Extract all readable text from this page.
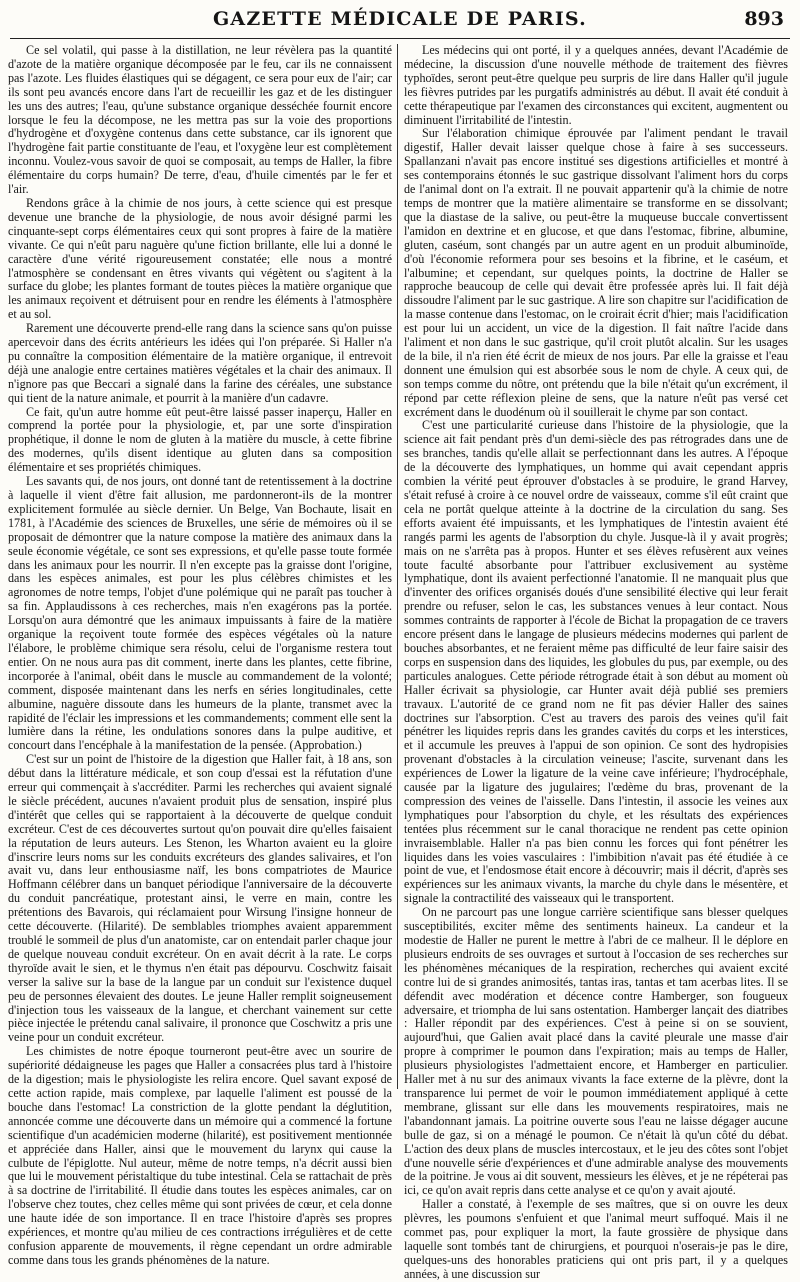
GAZETTE MÉDICALE DE PARIS.	893

Ce sel volatil, qui passe à la distillation, ne leur révèlera pas la quantité d'azote de la matière organique décomposée par le feu, car ils ne connaissent pas l'azote. Les fluides élastiques qui se dégagent, ce sera pour eux de l'air; car ils sont peu avancés encore dans l'art de recueillir les gaz et de les distinguer les uns des autres; l'eau, qu'une substance organique desséchée fournit encore lorsque le feu la décompose, ne les mettra pas sur la voie des proportions d'hydrogène et d'oxygène contenus dans cette substance, car ils ignorent que l'hydrogène fait partie constituante de l'eau, et l'oxygène leur est complètement inconnu. Voulez-vous savoir de quoi se composait, au temps de Haller, la fibre élémentaire du corps humain? De terre, d'eau, d'huile cimentés par le fer et l'air.

Rendons grâce à la chimie de nos jours, à cette science qui est presque devenue une branche de la physiologie, de nous avoir désigné parmi les cinquante-sept corps élémentaires ceux qui sont propres à faire de la matière vivante. Ce qui n'eût paru naguère qu'une fiction brillante, elle lui a donné le caractère d'une vérité rigoureusement constatée; elle nous a montré l'atmosphère se condensant en êtres vivants qui végètent ou s'agitent à la surface du globe; les plantes formant de toutes pièces la matière organique que les animaux reçoivent et détruisent pour en rendre les éléments à l'atmosphère et au sol.

Rarement une découverte prend-elle rang dans la science sans qu'on puisse apercevoir dans des écrits antérieurs les idées qui l'on préparée. Si Haller n'a pu connaître la composition élémentaire de la matière organique, il entrevoit déjà une analogie entre certaines matières végétales et la chair des animaux. Il n'ignore pas que Beccari a signalé dans la farine des céréales, une substance qui tient de la nature animale, et pourrit à la manière d'un cadavre.

Ce fait, qu'un autre homme eût peut-être laissé passer inaperçu, Haller en comprend la portée pour la physiologie, et, par une sorte d'inspiration prophétique, il donne le nom de gluten à la matière du muscle, à cette fibrine des modernes, qu'ils disent identique au gluten dans sa composition élémentaire et ses propriétés chimiques.

Les savants qui, de nos jours, ont donné tant de retentissement à la doctrine à laquelle il vient d'être fait allusion, me pardonneront-ils de la montrer explicitement formulée au siècle dernier. Un Belge, Van Bochaute, lisait en 1781, à l'Académie des sciences de Bruxelles, une série de mémoires où il se proposait de démontrer que la nature compose la matière des animaux dans la seule économie végétale, ce sont ses expressions, et qu'elle passe toute formée dans les animaux pour les nourrir. Il n'en excepte pas la graisse dont l'origine, dans les espèces animales, est pour les plus célèbres chimistes et les agronomes de notre temps, l'objet d'une polémique qui ne paraît pas toucher à sa fin. Applaudissons à ces recherches, mais n'en exagérons pas la portée. Lorsqu'on aura démontré que les animaux impuissants à faire de la matière organique la reçoivent toute formée des espèces végétales où la nature l'élabore, le problème chimique sera résolu, celui de l'organisme restera tout entier. On ne nous aura pas dit comment, inerte dans les plantes, cette fibrine, incorporée à l'animal, obéit dans le muscle au commandement de la volonté; comment, disposée maintenant dans les nerfs en séries longitudinales, cette albumine, naguère dissoute dans les humeurs de la plante, transmet avec la rapidité de l'éclair les impressions et les commandements; comment elle sent la lumière dans la rétine, les ondulations sonores dans la pulpe auditive, et concourt dans l'encéphale à la manifestation de la pensée. (Approbation.)

C'est sur un point de l'histoire de la digestion que Haller fait, à 18 ans, son début dans la littérature médicale, et son coup d'essai est la réfutation d'une erreur qui commençait à s'accréditer. Parmi les recherches qui avaient signalé le siècle précédent, aucunes n'avaient produit plus de sensation, inspiré plus d'intérêt que celles qui se rapportaient à la découverte de quelque conduit excréteur. C'est de ces découvertes surtout qu'on pouvait dire qu'elles faisaient la réputation de leurs auteurs. Les Stenon, les Wharton avaient eu la gloire d'inscrire leurs noms sur les conduits excréteurs des glandes salivaires, et l'on avait vu, dans leur enthousiasme naïf, les bons compatriotes de Maurice Hoffmann célébrer dans un banquet périodique l'anniversaire de la découverte du conduit pancréatique, protestant ainsi, le verre en main, contre les prétentions des Bavarois, qui réclamaient pour Wirsung l'insigne honneur de cette découverte. (Hilarité). De semblables triomphes avaient apparemment troublé le sommeil de plus d'un anatomiste, car on entendait parler chaque jour de quelque nouveau conduit excréteur. On en avait décrit à la rate. Le corps thyroïde avait le sien, et le thymus n'en était pas dépourvu. Coschwitz faisait verser la salive sur la base de la langue par un conduit sur l'existence duquel peu de personnes élevaient des doutes. Le jeune Haller remplit soigneusement d'injection tous les vaisseaux de la langue, et cherchant vainement sur cette pièce injectée le prétendu canal salivaire, il prononce que Coschwitz a pris une veine pour un conduit excréteur.

Les chimistes de notre époque tourneront peut-être avec un sourire de supériorité dédaigneuse les pages que Haller a consacrées plus tard à l'histoire de la digestion; mais le physiologiste les relira encore. Quel savant exposé de cette action rapide, mais complexe, par laquelle l'aliment est poussé de la bouche dans l'estomac! La constriction de la glotte pendant la déglutition, annoncée comme une découverte dans un mémoire qui a commencé la fortune scientifique d'un académicien moderne (hilarité), est positivement mentionnée et appréciée dans Haller, ainsi que le mouvement du larynx qui cause la culbute de l'épiglotte. Nul auteur, même de notre temps, n'a décrit aussi bien que lui le mouvement péristaltique du tube intestinal. Cela se rattachait de près à sa doctrine de l'irritabilité. Il étudie dans toutes les espèces animales, car on l'observe chez toutes, chez celles même qui sont privées de cœur, et cela donne une haute idée de son importance. Il en trace l'histoire d'après ses propres expériences, et montre qu'au milieu de ces contractions irrégulières et de cette confusion apparente de mouvements, il règne cependant un ordre admirable comme dans tous les grands phénomènes de la nature.

Les médecins qui ont porté, il y a quelques années, devant l'Académie de médecine, la discussion d'une nouvelle méthode de traitement des fièvres typhoïdes, seront peut-être quelque peu surpris de lire dans Haller qu'il jugule les fièvres putrides par les purgatifs administrés au début. Il avait été conduit à cette thérapeutique par l'examen des circonstances qui excitent, augmentent ou diminuent l'irritabilité de l'intestin.

Sur l'élaboration chimique éprouvée par l'aliment pendant le travail digestif, Haller devait laisser quelque chose à faire à ses successeurs. Spallanzani n'avait pas encore institué ses digestions artificielles et montré à ses contemporains étonnés le suc gastrique dissolvant l'aliment hors du corps de l'animal dont on l'a extrait. Il ne pouvait appartenir qu'à la chimie de notre temps de montrer que la matière alimentaire se transforme en se dissolvant; que la diastase de la salive, ou peut-être la muqueuse buccale convertissent l'amidon en dextrine et en glucose, et que dans l'estomac, fibrine, albumine, gluten, caséum, sont changés par un autre agent en un produit albuminoïde, d'où l'économie reformera pour ses besoins et la fibrine, et le caséum, et l'albumine; et cependant, sur quelques points, la doctrine de Haller se rapproche beaucoup de celle qui devait être professée après lui. Il fait déjà dissoudre l'aliment par le suc gastrique. A lire son chapitre sur l'acidification de la masse contenue dans l'estomac, on le croirait écrit d'hier; mais l'acidification est pour lui un accident, un vice de la digestion. Il fait naître l'acide dans l'aliment et non dans le suc gastrique, qu'il croit plutôt alcalin. Sur les usages de la bile, il n'a rien été écrit de mieux de nos jours. Par elle la graisse et l'eau donnent une émulsion qui est absorbée sous le nom de chyle. A ceux qui, de son temps comme du nôtre, ont prétendu que la bile n'était qu'un excrément, il répond par cette réflexion pleine de sens, que la nature n'eût pas versé cet excrément dans le duodénum où il souillerait le chyme par son contact.

C'est une particularité curieuse dans l'histoire de la physiologie, que la science ait fait pendant près d'un demi-siècle des pas rétrogrades dans une de ses branches, tandis qu'elle allait se perfectionnant dans les autres. A l'époque de la découverte des lymphatiques, un homme qui avait cependant appris combien la vérité peut éprouver d'obstacles à se produire, le grand Harvey, s'était refusé à croire à ce nouvel ordre de vaisseaux, comme s'il eût craint que cela ne portât quelque atteinte à la doctrine de la circulation du sang. Ses efforts avaient été impuissants, et les lymphatiques de l'intestin avaient été rangés parmi les agents de l'absorption du chyle. Jusque-là il y avait progrès; mais on ne s'arrêta pas à propos. Hunter et ses élèves refusèrent aux veines toute faculté absorbante pour l'attribuer exclusivement au système lymphatique, dont ils avaient perfectionné l'anatomie. Il ne manquait plus que d'inventer des orifices organisés doués d'une sensibilité élective qui leur ferait prendre ou refuser, selon le cas, les substances venues à leur contact. Nous sommes contraints de rapporter à l'école de Bichat la propagation de ce travers encore présent dans le langage de plusieurs médecins modernes qui parlent de bouches absorbantes, et ne feraient même pas difficulté de leur faire saisir des corps en suspension dans des liquides, les globules du pus, par exemple, ou des particules analogues. Cette période rétrograde était à son début au moment où Haller écrivait sa physiologie, car Hunter avait déjà publié ses premiers travaux. L'autorité de ce grand nom ne fit pas dévier Haller des saines doctrines sur l'absorption. C'est au travers des parois des veines qu'il fait pénétrer les liquides repris dans les grandes cavités du corps et les interstices, et il accumule les preuves à l'appui de son opinion. Ce sont des hydropisies provenant d'obstacles à la circulation veineuse; l'ascite, survenant dans les expériences de Lower la ligature de la veine cave inférieure; l'hydrocéphale, causée par la ligature des jugulaires; l'œdème du bras, provenant de la compression des veines de l'aisselle. Dans l'intestin, il associe les veines aux lymphatiques pour l'absorption du chyle, et les résultats des expériences tentées plus récemment sur le canal thoracique ne rendent pas cette opinion invraisemblable. Haller n'a pas bien connu les forces qui font pénétrer les liquides dans les voies vasculaires : l'imbibition n'avait pas été étudiée à ce point de vue, et l'endosmose était encore à découvrir; mais il décrit, d'après ses expériences sur les animaux vivants, la marche du chyle dans le mésentère, et signale la contractilité des vaisseaux qui le transportent.

On ne parcourt pas une longue carrière scientifique sans blesser quelques susceptibilités, exciter même des sentiments haineux. La candeur et la modestie de Haller ne purent le mettre à l'abri de ce malheur. Il le déplore en plusieurs endroits de ses ouvrages et surtout à l'occasion de ses recherches sur les phénomènes mécaniques de la respiration, recherches qui avaient excité contre lui de si grandes animosités, tantas iras, tantas et tam acerbas lites. Il se défendit avec modération et décence contre Hamberger, son fougueux adversaire, et triompha de lui sans ostentation. Hamberger lançait des diatribes : Haller répondit par des expériences. C'est à peine si on se souvient, aujourd'hui, que Galien avait placé dans la cavité pleurale une masse d'air propre à comprimer le poumon dans l'expiration; mais au temps de Haller, plusieurs physiologistes l'admettaient encore, et Hamberger en particulier. Haller met à nu sur des animaux vivants la face externe de la plèvre, dont la transparence lui permet de voir le poumon immédiatement appliqué à cette membrane, glissant sur elle dans les mouvements respiratoires, mais ne l'abandonnant jamais. La poitrine ouverte sous l'eau ne laisse dégager aucune bulle de gaz, si on a ménagé le poumon. Ce n'était là qu'un côté du débat. L'action des deux plans de muscles intercostaux, et le jeu des côtes sont l'objet d'une nouvelle série d'expériences et d'une admirable analyse des mouvements de la poitrine. Je vous ai dit souvent, messieurs les élèves, et je ne répéterai pas ici, ce qu'on avait repris dans cette analyse et ce qu'on y avait ajouté.

Haller a constaté, à l'exemple de ses maîtres, que si on ouvre les deux plèvres, les poumons s'enfuient et que l'animal meurt suffoqué. Mais il ne commet pas, pour expliquer la mort, la faute grossière de physique dans laquelle sont tombés tant de chirurgiens, et pourquoi n'oserais-je pas le dire, quelques-uns des honorables praticiens qui ont pris part, il y a quelques années, à une discussion sur
